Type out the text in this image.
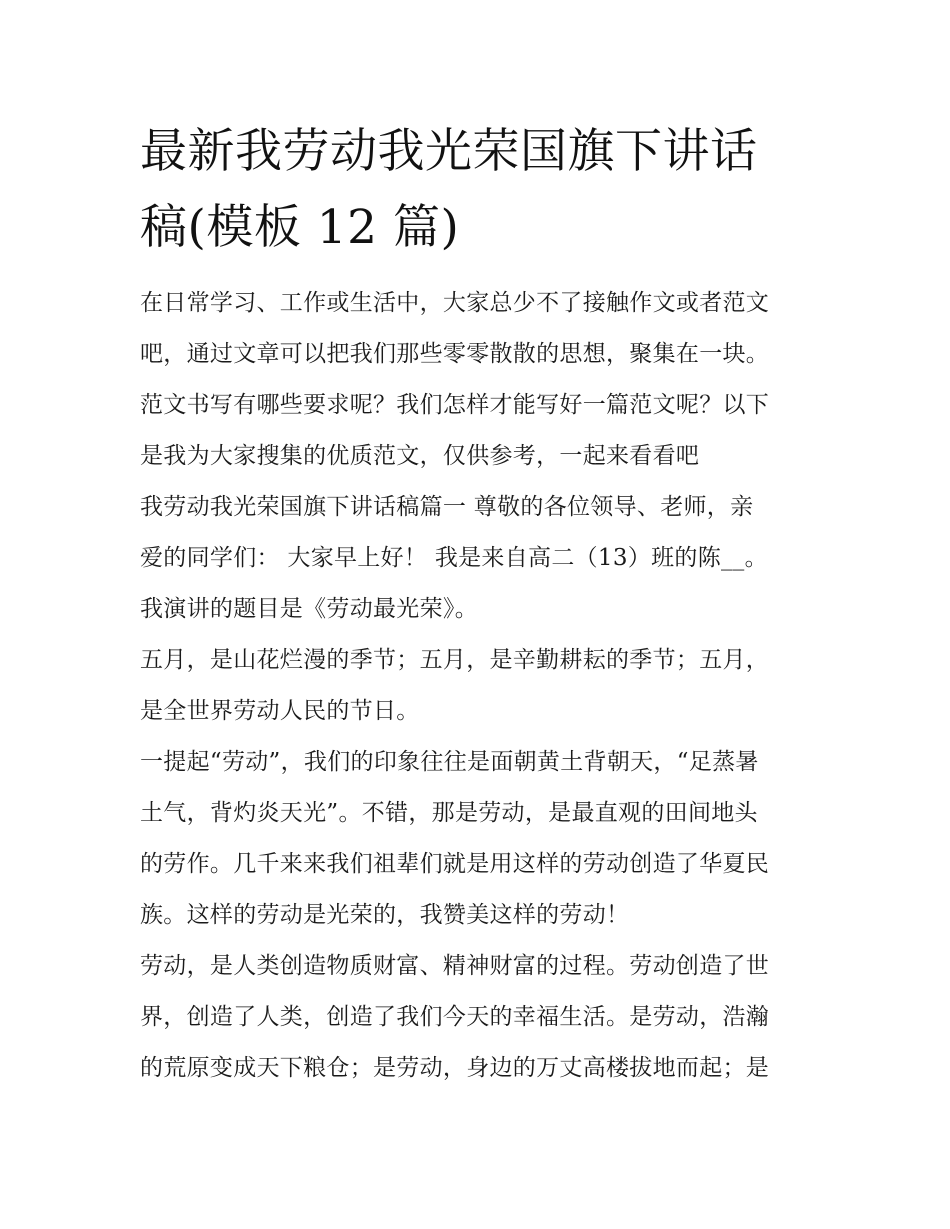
最新我劳动我光荣国旗下讲话
稿(模板 12 篇)

在日常学习、工作或生活中，大家总少不了接触作文或者范文
吧，通过文章可以把我们那些零零散散的思想，聚集在一块。
范文书写有哪些要求呢？我们怎样才能写好一篇范文呢？以下
是我为大家搜集的优质范文，仅供参考，一起来看看吧

我劳动我光荣国旗下讲话稿篇一 尊敬的各位领导、老师，亲
爱的同学们： 大家早上好！ 我是来自高二（13）班的陈__。
我演讲的题目是《劳动最光荣》。

五月，是山花烂漫的季节；五月，是辛勤耕耘的季节；五月，
是全世界劳动人民的节日。

一提起“劳动”，我们的印象往往是面朝黄土背朝天，“足蒸暑
土气，背灼炎天光”。不错，那是劳动，是最直观的田间地头
的劳作。几千来来我们祖辈们就是用这样的劳动创造了华夏民
族。这样的劳动是光荣的，我赞美这样的劳动！

劳动，是人类创造物质财富、精神财富的过程。劳动创造了世
界，创造了人类，创造了我们今天的幸福生活。是劳动，浩瀚
的荒原变成天下粮仓；是劳动，身边的万丈高楼拔地而起；是
